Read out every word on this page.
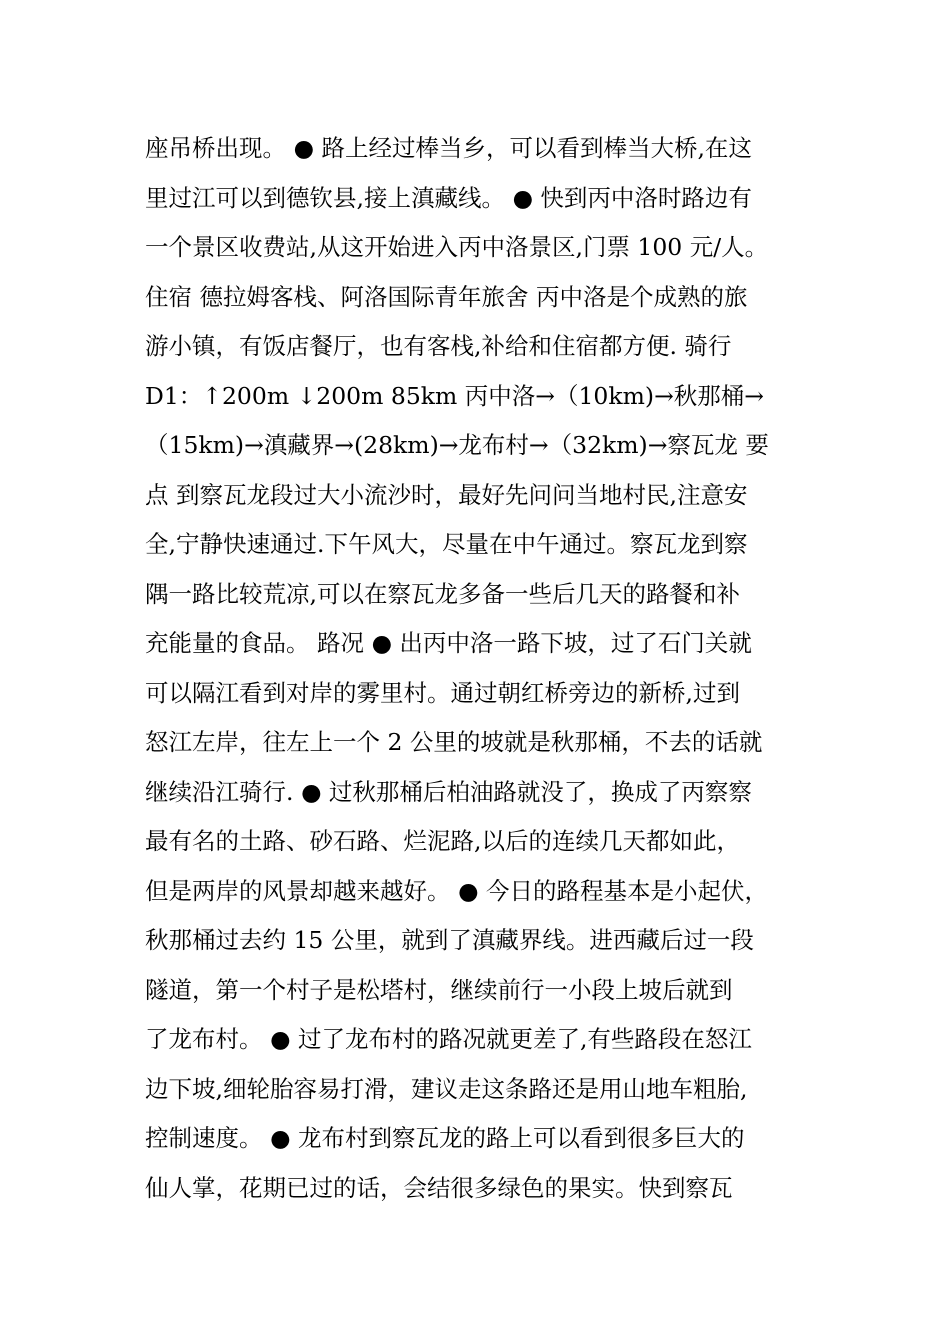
座吊桥出现。 ● 路上经过棒当乡，可以看到棒当大桥,在这
里过江可以到德钦县,接上滇藏线。 ● 快到丙中洛时路边有
一个景区收费站,从这开始进入丙中洛景区,门票 100 元/人。
住宿 德拉姆客栈、阿洛国际青年旅舍 丙中洛是个成熟的旅
游小镇，有饭店餐厅，也有客栈,补给和住宿都方便. 骑行
D1：↑200m ↓200m 85km 丙中洛→（10km)→秋那桶→
（15km)→滇藏界→(28km)→龙布村→（32km)→察瓦龙 要
点 到察瓦龙段过大小流沙时，最好先问问当地村民,注意安
全,宁静快速通过.下午风大，尽量在中午通过。察瓦龙到察
隅一路比较荒凉,可以在察瓦龙多备一些后几天的路餐和补
充能量的食品。 路况 ● 出丙中洛一路下坡，过了石门关就
可以隔江看到对岸的雾里村。通过朝红桥旁边的新桥,过到
怒江左岸，往左上一个 2 公里的坡就是秋那桶，不去的话就
继续沿江骑行. ● 过秋那桶后柏油路就没了，换成了丙察察
最有名的土路、砂石路、烂泥路,以后的连续几天都如此，
但是两岸的风景却越来越好。 ● 今日的路程基本是小起伏，
秋那桶过去约 15 公里，就到了滇藏界线。进西藏后过一段
隧道，第一个村子是松塔村，继续前行一小段上坡后就到
了龙布村。 ● 过了龙布村的路况就更差了,有些路段在怒江
边下坡,细轮胎容易打滑，建议走这条路还是用山地车粗胎,
控制速度。 ● 龙布村到察瓦龙的路上可以看到很多巨大的
仙人掌，花期已过的话，会结很多绿色的果实。快到察瓦
